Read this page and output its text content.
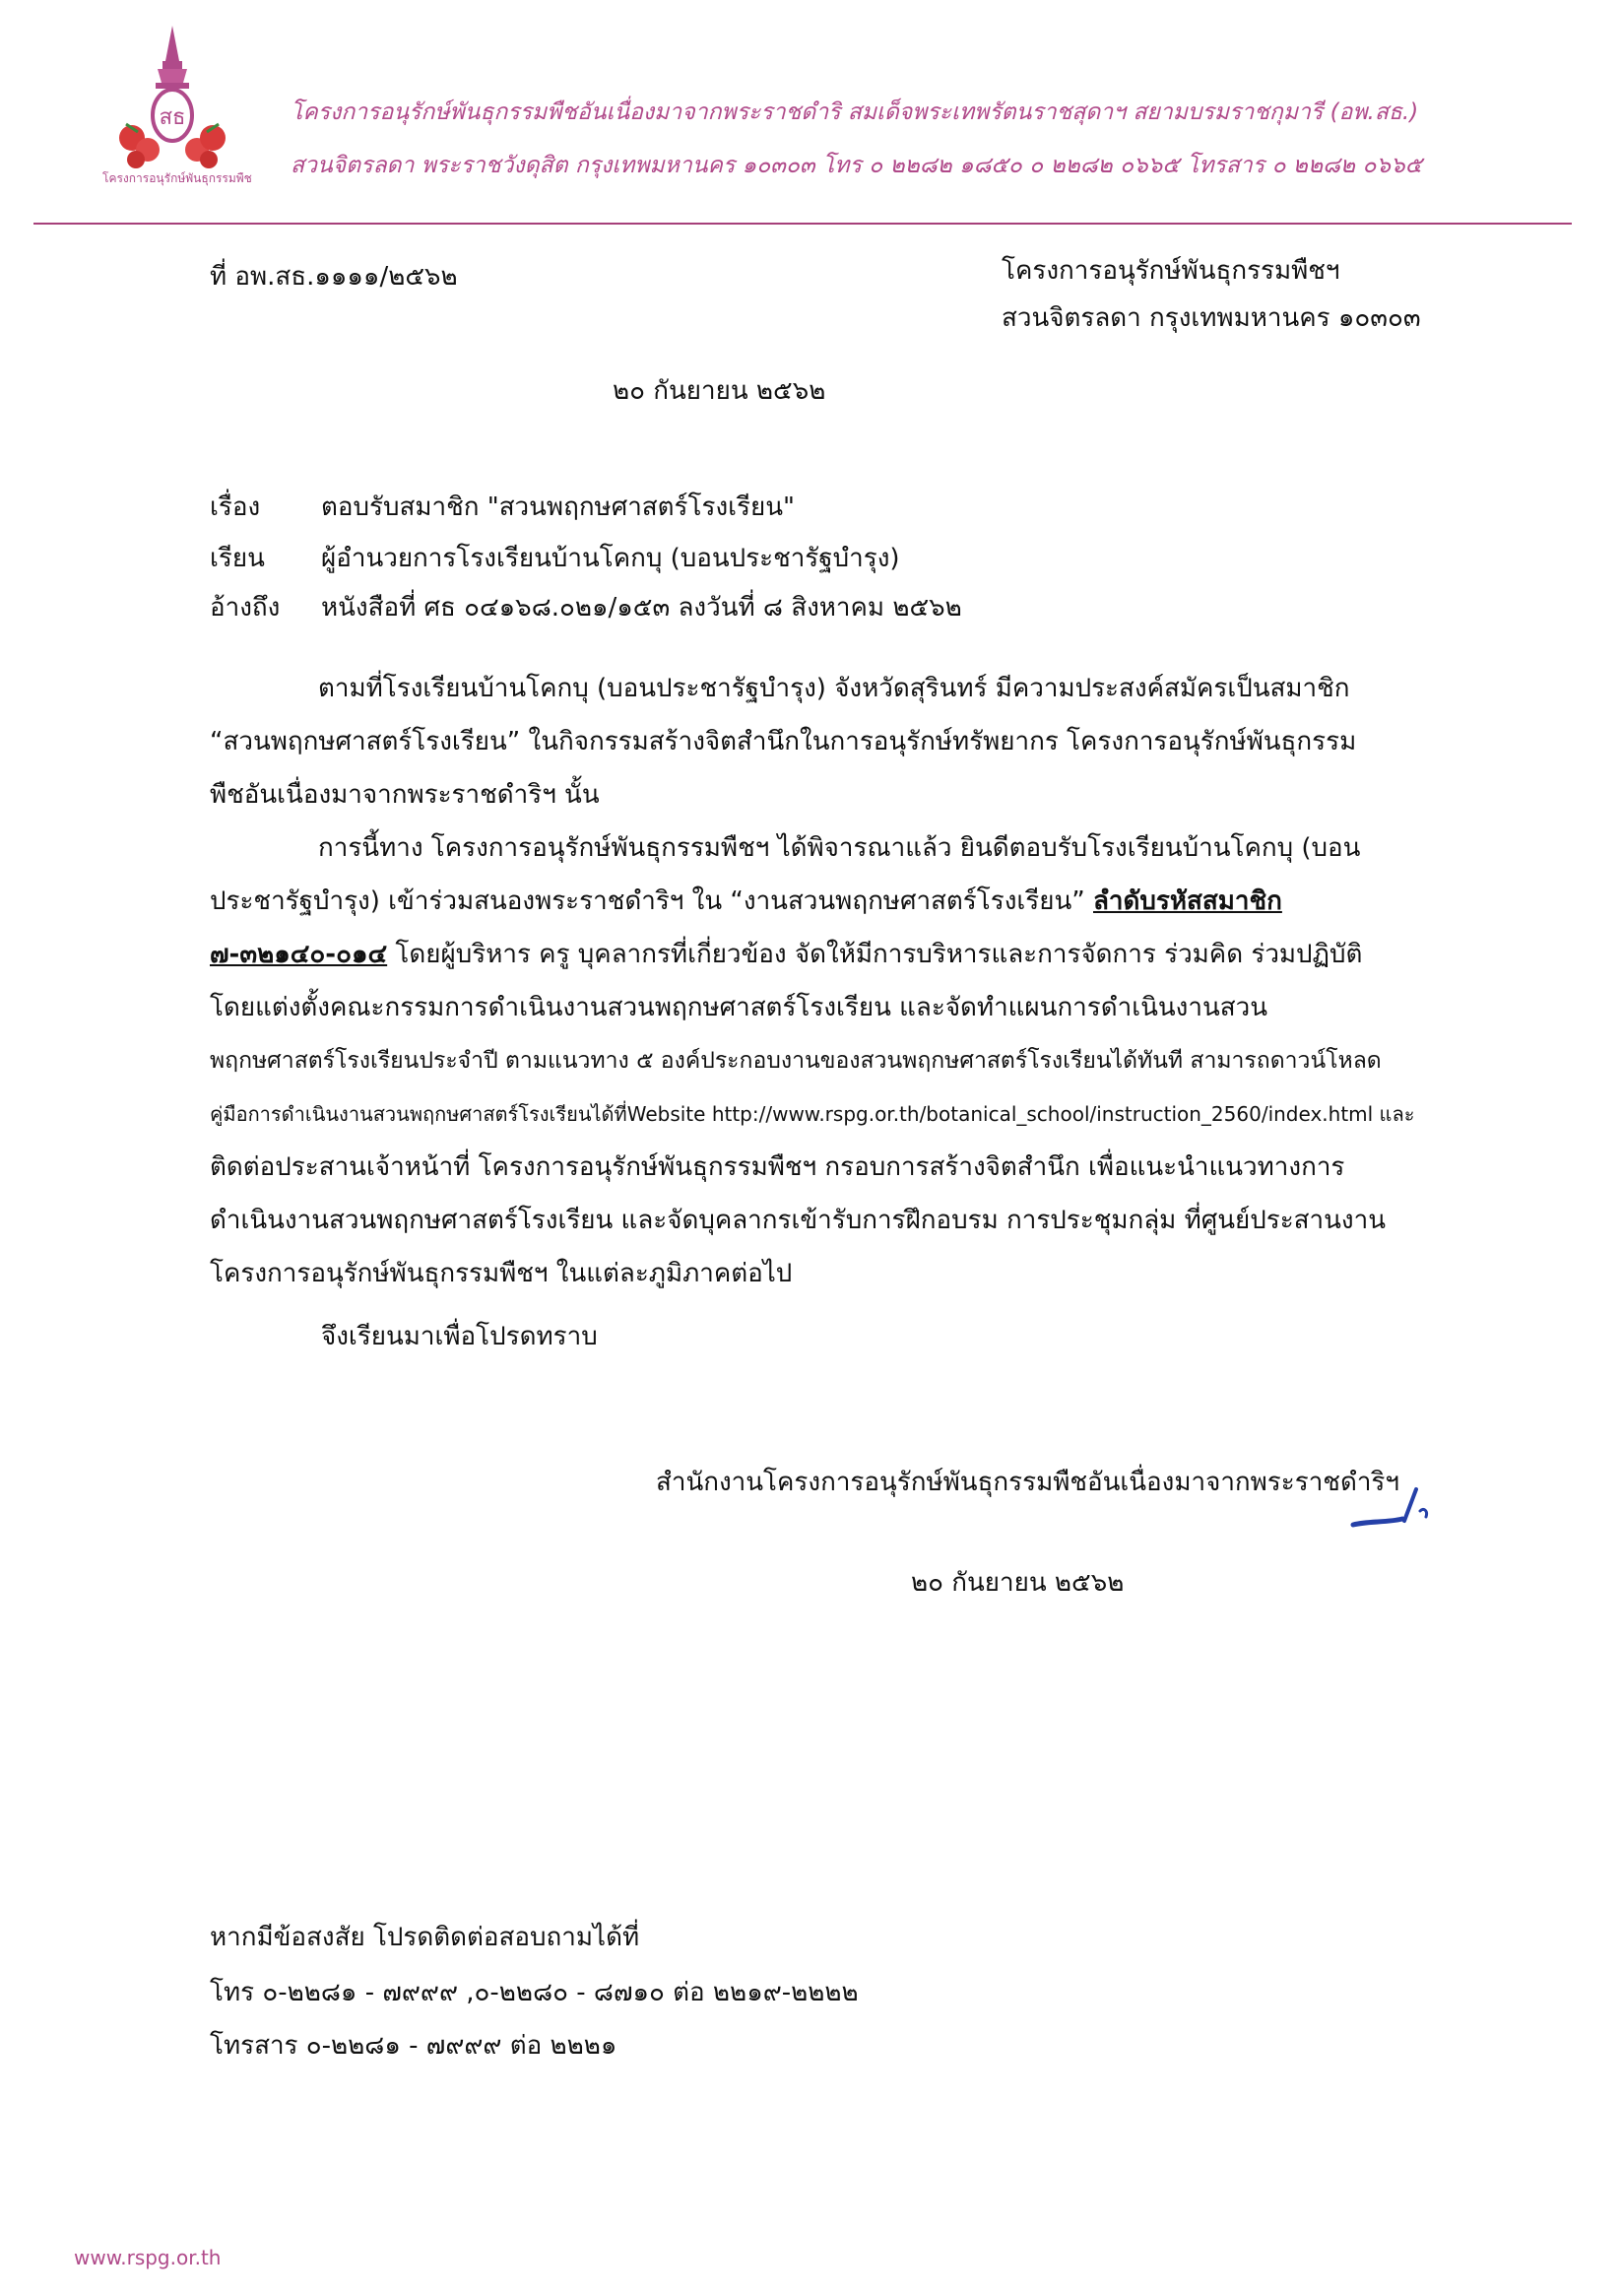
สธ
โครงการอนุรักษ์พันธุกรรมพืช
โครงการอนุรักษ์พันธุกรรมพืชอันเนื่องมาจากพระราชดำริ สมเด็จพระเทพรัตนราชสุดาฯ สยามบรมราชกุมารี (อพ.สธ.)
สวนจิตรลดา พระราชวังดุสิต กรุงเทพมหานคร ๑๐๓๐๓ โทร ๐ ๒๒๘๒ ๑๘๕๐ ๐ ๒๒๘๒ ๐๖๖๕ โทรสาร ๐ ๒๒๘๒ ๐๖๖๕
ที่ อพ.สธ.๑๑๑๑/๒๕๖๒	โครงการอนุรักษ์พันธุกรรมพืชฯ
สวนจิตรลดา กรุงเทพมหานคร ๑๐๓๐๓
๒๐ กันยายน ๒๕๖๒
เรื่อง ตอบรับสมาชิก "สวนพฤกษศาสตร์โรงเรียน"
เรียน ผู้อำนวยการโรงเรียนบ้านโคกบุ (บอนประชารัฐบำรุง)
อ้างถึง หนังสือที่ ศธ ๐๔๑๖๘.๐๒๑/๑๕๓ ลงวันที่ ๘ สิงหาคม ๒๕๖๒
ตามที่โรงเรียนบ้านโคกบุ (บอนประชารัฐบำรุง) จังหวัดสุรินทร์ มีความประสงค์สมัครเป็นสมาชิก
“สวนพฤกษศาสตร์โรงเรียน” ในกิจกรรมสร้างจิตสำนึกในการอนุรักษ์ทรัพยากร โครงการอนุรักษ์พันธุกรรม
พืชอันเนื่องมาจากพระราชดำริฯ นั้น
การนี้ทาง โครงการอนุรักษ์พันธุกรรมพืชฯ ได้พิจารณาแล้ว ยินดีตอบรับโรงเรียนบ้านโคกบุ (บอน
ประชารัฐบำรุง) เข้าร่วมสนองพระราชดำริฯ ใน “งานสวนพฤกษศาสตร์โรงเรียน” ลำดับรหัสสมาชิก
๗-๓๒๑๔๐-๐๑๔ โดยผู้บริหาร ครู บุคลากรที่เกี่ยวข้อง จัดให้มีการบริหารและการจัดการ ร่วมคิด ร่วมปฏิบัติ
โดยแต่งตั้งคณะกรรมการดำเนินงานสวนพฤกษศาสตร์โรงเรียน และจัดทำแผนการดำเนินงานสวน
พฤกษศาสตร์โรงเรียนประจำปี ตามแนวทาง ๕ องค์ประกอบงานของสวนพฤกษศาสตร์โรงเรียนได้ทันที สามารถดาวน์โหลด
คู่มือการดำเนินงานสวนพฤกษศาสตร์โรงเรียนได้ที่Website http://www.rspg.or.th/botanical_school/instruction_2560/index.html และ
ติดต่อประสานเจ้าหน้าที่ โครงการอนุรักษ์พันธุกรรมพืชฯ กรอบการสร้างจิตสำนึก เพื่อแนะนำแนวทางการ
ดำเนินงานสวนพฤกษศาสตร์โรงเรียน และจัดบุคลากรเข้ารับการฝึกอบรม การประชุมกลุ่ม ที่ศูนย์ประสานงาน
โครงการอนุรักษ์พันธุกรรมพืชฯ ในแต่ละภูมิภาคต่อไป
จึงเรียนมาเพื่อโปรดทราบ
สำนักงานโครงการอนุรักษ์พันธุกรรมพืชอันเนื่องมาจากพระราชดำริฯ
๒๐ กันยายน ๒๕๖๒
หากมีข้อสงสัย โปรดติดต่อสอบถามได้ที่
โทร ๐-๒๒๘๑ - ๗๙๙๙ ,๐-๒๒๘๐ - ๘๗๑๐ ต่อ ๒๒๑๙-๒๒๒๒
โทรสาร ๐-๒๒๘๑ - ๗๙๙๙ ต่อ ๒๒๒๑
www.rspg.or.th
